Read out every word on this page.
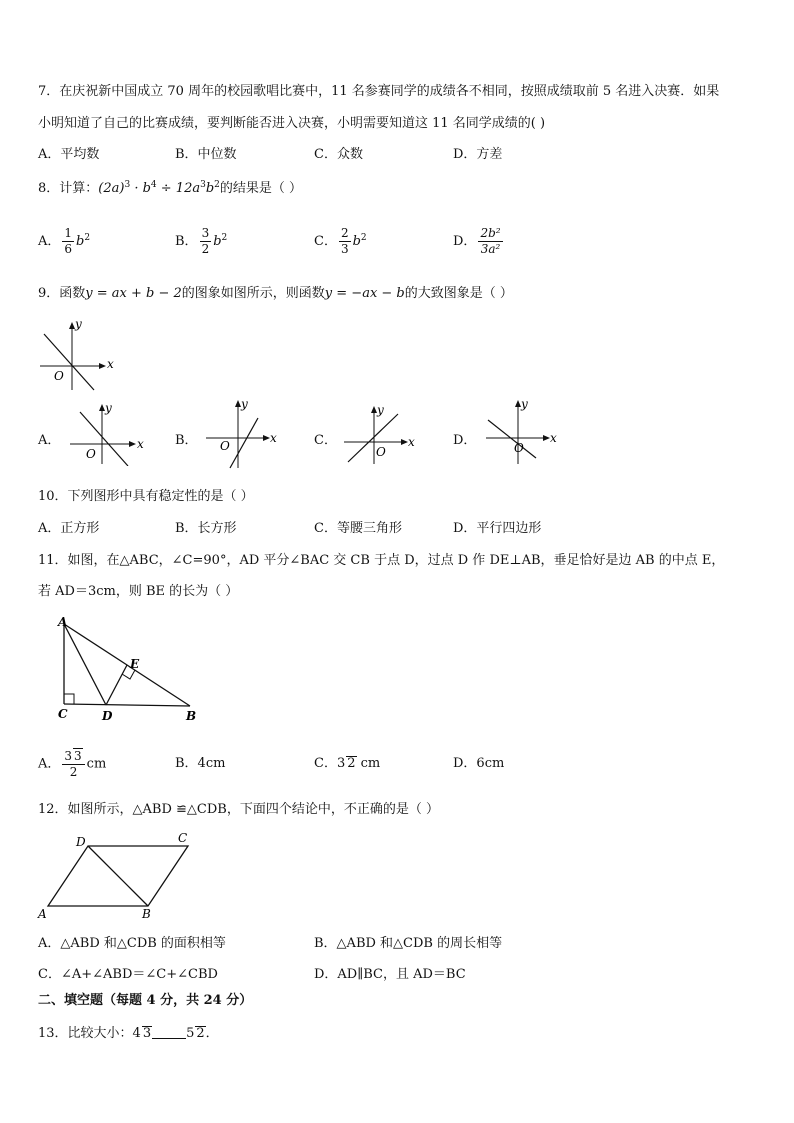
7．在庆祝新中国成立 70 周年的校园歌唱比赛中，11 名参赛同学的成绩各不相同，按照成绩取前 5 名进入决赛．如果
小明知道了自己的比赛成绩，要判断能否进入决赛，小明需要知道这 11 名同学成绩的( )
A．平均数	B．中位数	C．众数	D．方差
8．计算：$(2a)^3 \cdot b^4 \div 12a^3b^2$的结果是（ ）
A． $\frac{1}{6} b^2$	B． $\frac{3}{2} b^2$	C． $\frac{2}{3} b^2$	D． $\frac{\text{2b²}}{\text{3a²}}$
9．函数y = ax + b − 2的图象如图所示，则函数y = −ax − b的大致图象是（ ）
x
y
O
A．	x
y
O
B．	x
y
O	C．	x
y
O
D．	x
y
O
10．下列图形中具有稳定性的是（ ）
A．正方形	B．长方形	C．等腰三角形	D．平行四边形
11．如图，在△ABC，∠C=90°，AD 平分∠BAC 交 CB 于点 D，过点 D 作 DE⊥AB，垂足恰好是边 AB 的中点 E，
若 AD＝3cm，则 BE 的长为（ ）
A
C	D	B
E
A． $\frac{3 3}{2}$ cm	B．4cm	C．3 2 cm	D．6cm
12．如图所示，△ABD ≌△CDB，下面四个结论中，不正确的是（ ）
A	B
C
D
A．△ABD 和△CDB 的面积相等	B．△ABD 和△CDB 的周长相等
C．∠A+∠ABD＝∠C+∠CBD	D．AD∥BC，且 AD＝BC
二、填空题（每题 4 分，共 24 分）
13．比较大小：4 3	5 2．
